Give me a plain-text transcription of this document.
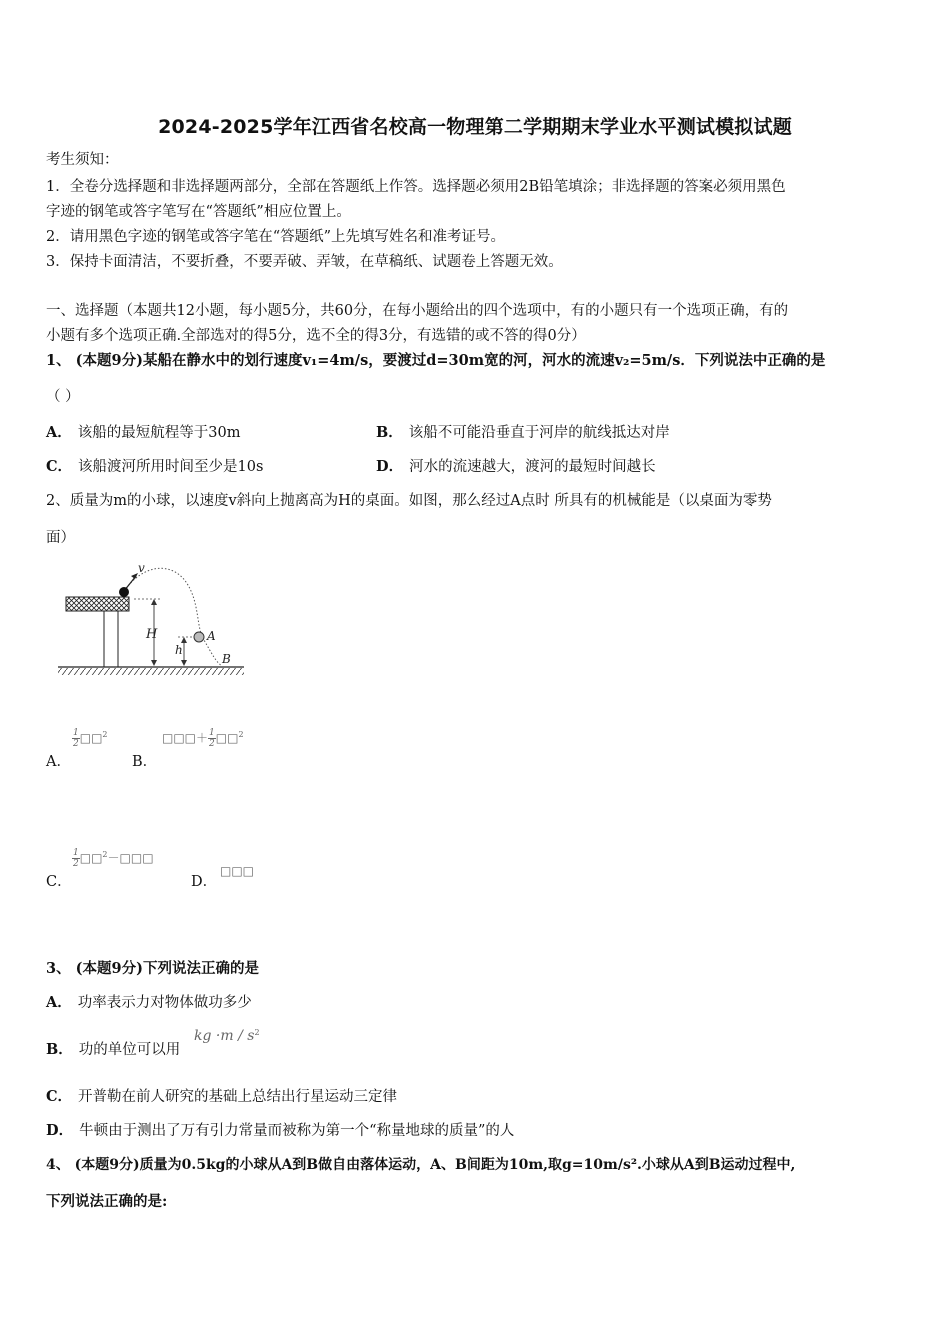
2024-2025学年江西省名校高一物理第二学期期末学业水平测试模拟试题
考生须知：
1．全卷分选择题和非选择题两部分，全部在答题纸上作答。选择题必须用2B铅笔填涂；非选择题的答案必须用黑色
字迹的钢笔或答字笔写在“答题纸”相应位置上。
2．请用黑色字迹的钢笔或答字笔在“答题纸”上先填写姓名和准考证号。
3．保持卡面清洁，不要折叠，不要弄破、弄皱，在草稿纸、试题卷上答题无效。
一、选择题（本题共12小题，每小题5分，共60分，在每小题给出的四个选项中，有的小题只有一个选项正确，有的
小题有多个选项正确.全部选对的得5分，选不全的得3分，有选错的或不答的得0分）
1、 (本题9分)某船在静水中的划行速度v₁=4m/s，要渡过d=30m宽的河，河水的流速v₂=5m/s．下列说法中正确的是
（ ）
A． 该船的最短航程等于30m	B． 该船不可能沿垂直于河岸的航线抵达对岸
C． 该船渡河所用时间至少是10s	D． 河水的流速越大，渡河的最短时间越长
2、质量为m的小球，以速度v斜向上抛离高为H的桌面。如图，那么经过A点时 所具有的机械能是（以桌面为零势
面）
v
H
h
A
B
A．
$\frac{1}{2}$ □□$^2$
B．
□□□＋ $\frac{1}{2}$ □□$^2$
C．
$\frac{1}{2}$ □□$^2$－□□□
D．
□□□
3、 (本题9分)下列说法正确的是
A． 功率表示力对物体做功多少
B． 功的单位可以用
kg $\cdot m / s^2$
C． 开普勒在前人研究的基础上总结出行星运动三定律
D． 牛顿由于测出了万有引力常量而被称为第一个“称量地球的质量”的人
4、 (本题9分)质量为0.5kg的小球从A到B做自由落体运动，A、B间距为10m,取g=10m/s².小球从A到B运动过程中,
下列说法正确的是:
